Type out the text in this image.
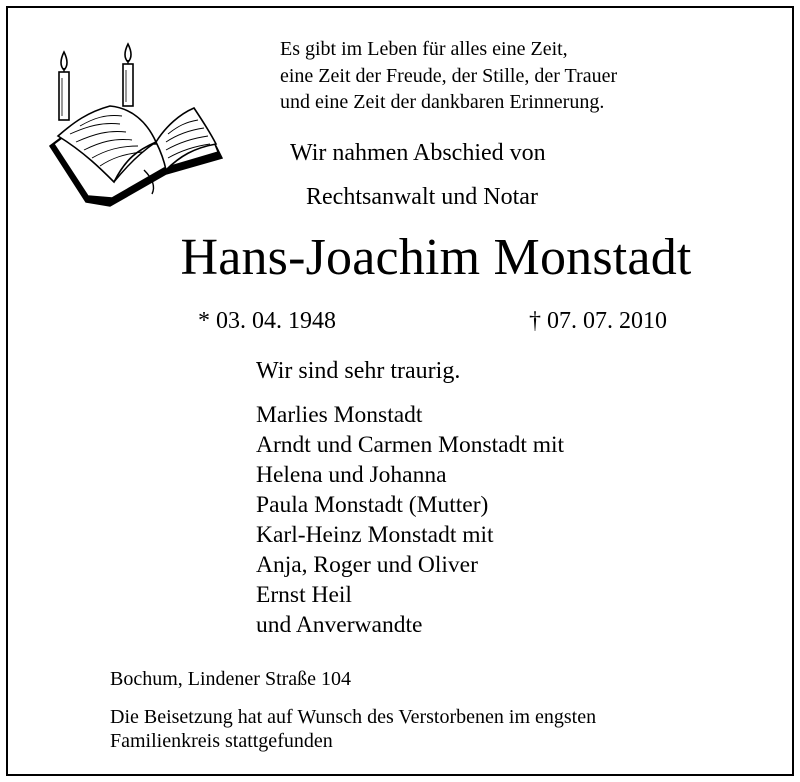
Es gibt im Leben für alles eine Zeit,
eine Zeit der Freude, der Stille, der Trauer
und eine Zeit der dankbaren Erinnerung.
Wir nahmen Abschied von
Rechtsanwalt und Notar
Hans-Joachim Monstadt
* 03. 04. 1948	† 07. 07. 2010
Wir sind sehr traurig.
Marlies Monstadt
Arndt und Carmen Monstadt mit
Helena und Johanna
Paula Monstadt (Mutter)
Karl-Heinz Monstadt mit
Anja, Roger und Oliver
Ernst Heil
und Anverwandte
Bochum, Lindener Straße 104
Die Beisetzung hat auf Wunsch des Verstorbenen im engsten
Familienkreis stattgefunden
